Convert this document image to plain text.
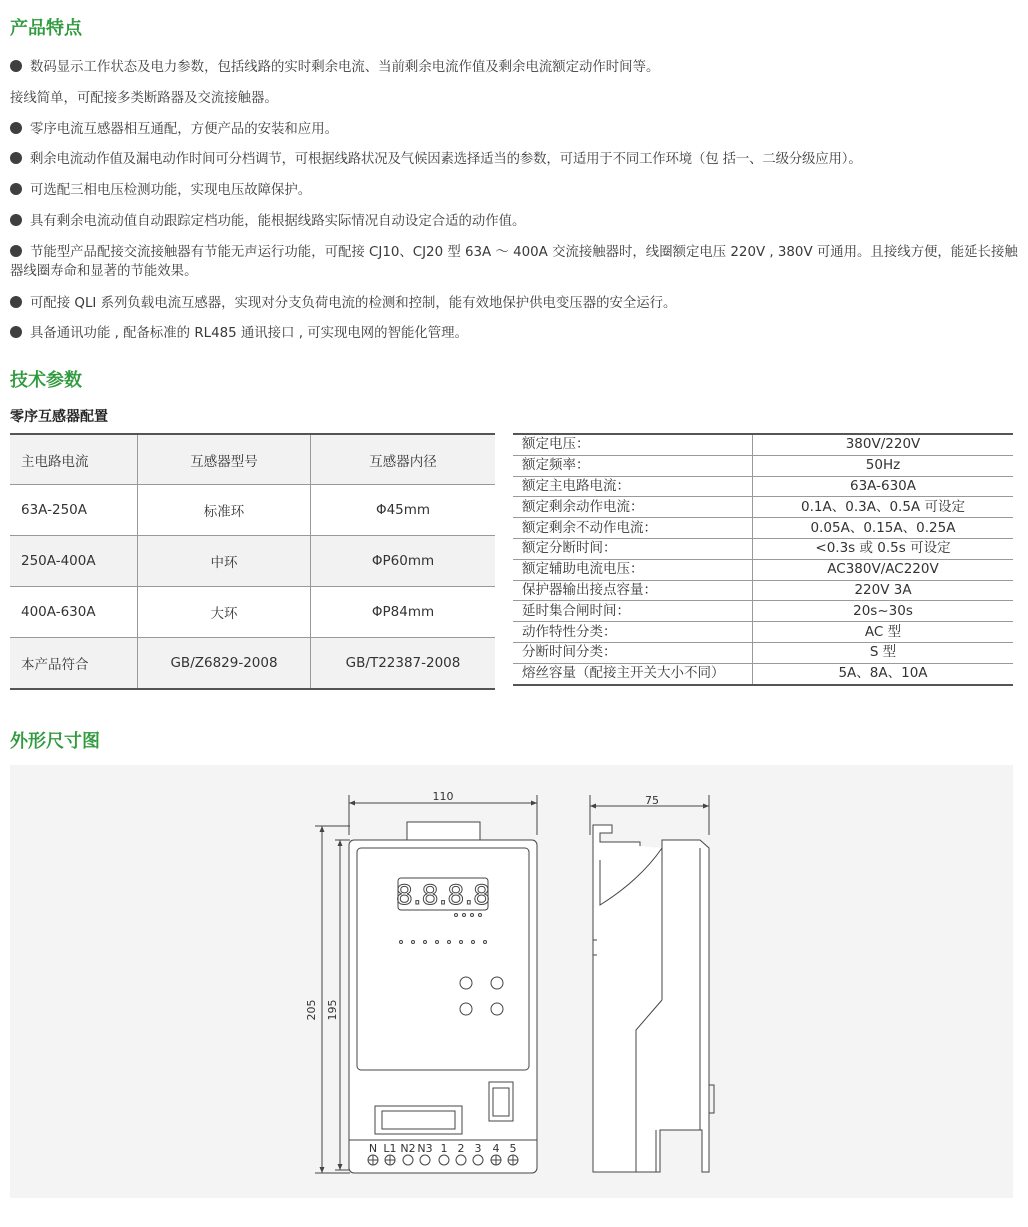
产品特点
数码显示工作状态及电力参数，包括线路的实时剩余电流、当前剩余电流作值及剩余电流额定动作时间等。
接线简单，可配接多类断路器及交流接触器。
零序电流互感器相互通配，方便产品的安装和应用。
剩余电流动作值及漏电动作时间可分档调节，可根据线路状况及气候因素选择适当的参数，可适用于不同工作环境（包 括一、二级分级应用）。
可选配三相电压检测功能，实现电压故障保护。
具有剩余电流动值自动跟踪定档功能，能根据线路实际情况自动设定合适的动作值。
节能型产品配接交流接触器有节能无声运行功能，可配接 CJ10、CJ20 型 63A ～ 400A 交流接触器时，线圈额定电压 220V , 380V 可通用。且接线方便，能延长接触器线圈寿命和显著的节能效果。
可配接 QLI 系列负载电流互感器，实现对分支负荷电流的检测和控制，能有效地保护供电变压器的安全运行。
具备通讯功能 , 配备标准的 RL485 通讯接口 , 可实现电网的智能化管理。
技术参数
零序互感器配置
主电路电流	互感器型号	互感器内径
63A-250A	标准环	Φ45mm
250A-400A	中环	ΦP60mm
400A-630A	大环	ΦP84mm
本产品符合	GB/Z6829-2008	GB/T22387-2008
额定电压：	380V/220V
额定频率：	50Hz
额定主电路电流：	63A-630A
额定剩余动作电流：	0.1A、0.3A、0.5A 可设定
额定剩余不动作电流：	0.05A、0.15A、0.25A
额定分断时间：	<0.3s 或 0.5s 可设定
额定辅助电流电压：	AC380V/AC220V
保护器输出接点容量：	220V 3A
延时集合闸时间：	20s~30s
动作特性分类：	AC 型
分断时间分类：	S 型
熔丝容量（配接主开关大小不同）	5A、8A、10A
外形尺寸图
110
205 195
8.8.8.8
N L1 N2 N3 1 2 3 4 5
75
